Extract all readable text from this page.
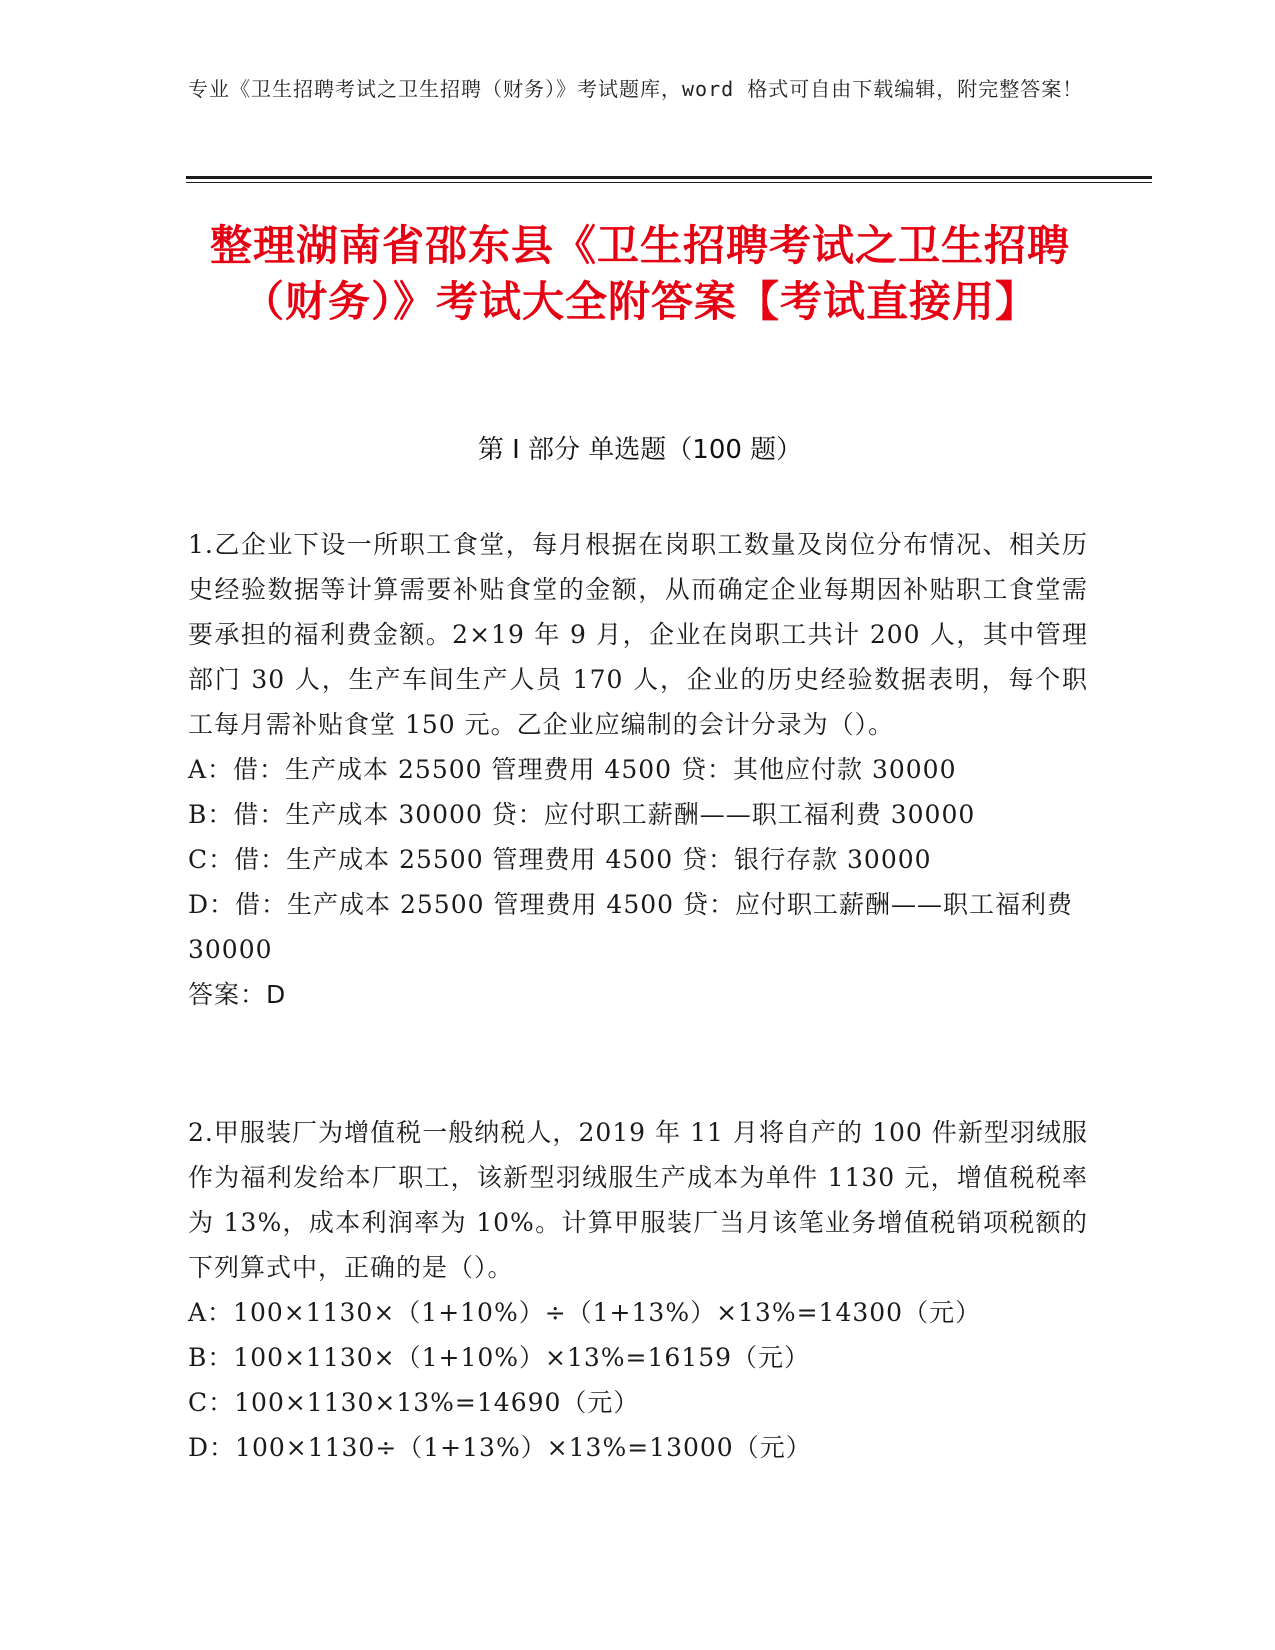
专业《卫生招聘考试之卫生招聘（财务）》考试题库，word 格式可自由下载编辑，附完整答案！
整理湖南省邵东县《卫生招聘考试之卫生招聘（财务）》考试大全附答案【考试直接用】
第 I 部分 单选题（100 题）
1.乙企业下设一所职工食堂，每月根据在岗职工数量及岗位分布情况、相关历史经验数据等计算需要补贴食堂的金额，从而确定企业每期因补贴职工食堂需要承担的福利费金额。2×19 年 9 月，企业在岗职工共计 200 人，其中管理部门 30 人，生产车间生产人员 170 人，企业的历史经验数据表明，每个职工每月需补贴食堂 150 元。乙企业应编制的会计分录为（）。
A：借：生产成本 25500 管理费用 4500 贷：其他应付款 30000
B：借：生产成本 30000 贷：应付职工薪酬——职工福利费 30000
C：借：生产成本 25500 管理费用 4500 贷：银行存款 30000
D：借：生产成本 25500 管理费用 4500 贷：应付职工薪酬——职工福利费 30000
答案：D
2.甲服装厂为增值税一般纳税人，2019 年 11 月将自产的 100 件新型羽绒服作为福利发给本厂职工，该新型羽绒服生产成本为单件 1130 元，增值税税率为 13%，成本利润率为 10%。计算甲服装厂当月该笔业务增值税销项税额的下列算式中，正确的是（）。
A：100×1130×（1+10%）÷（1+13%）×13%=14300（元）
B：100×1130×（1+10%）×13%=16159（元）
C：100×1130×13%=14690（元）
D：100×1130÷（1+13%）×13%=13000（元）
